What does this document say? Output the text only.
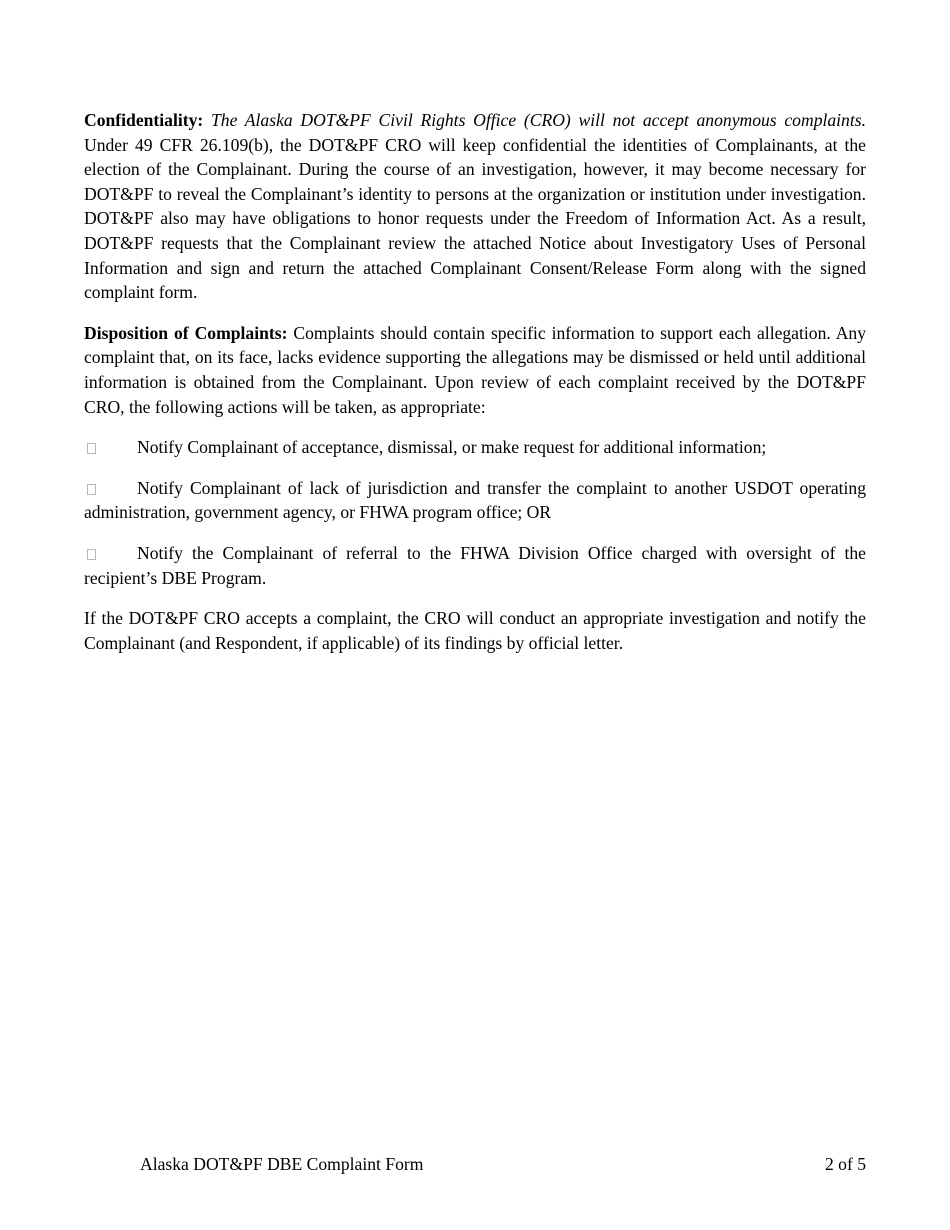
Confidentiality: The Alaska DOT&PF Civil Rights Office (CRO) will not accept anonymous complaints. Under 49 CFR 26.109(b), the DOT&PF CRO will keep confidential the identities of Complainants, at the election of the Complainant. During the course of an investigation, however, it may become necessary for DOT&PF to reveal the Complainant’s identity to persons at the organization or institution under investigation. DOT&PF also may have obligations to honor requests under the Freedom of Information Act. As a result, DOT&PF requests that the Complainant review the attached Notice about Investigatory Uses of Personal Information and sign and return the attached Complainant Consent/Release Form along with the signed complaint form.

Disposition of Complaints: Complaints should contain specific information to support each allegation. Any complaint that, on its face, lacks evidence supporting the allegations may be dismissed or held until additional information is obtained from the Complainant. Upon review of each complaint received by the DOT&PF CRO, the following actions will be taken, as appropriate:

Notify Complainant of acceptance, dismissal, or make request for additional information;

Notify Complainant of lack of jurisdiction and transfer the complaint to another USDOT operating administration, government agency, or FHWA program office; OR

Notify the Complainant of referral to the FHWA Division Office charged with oversight of the recipient’s DBE Program.

If the DOT&PF CRO accepts a complaint, the CRO will conduct an appropriate investigation and notify the Complainant (and Respondent, if applicable) of its findings by official letter.

Alaska DOT&PF DBE Complaint Form	2 of 5
